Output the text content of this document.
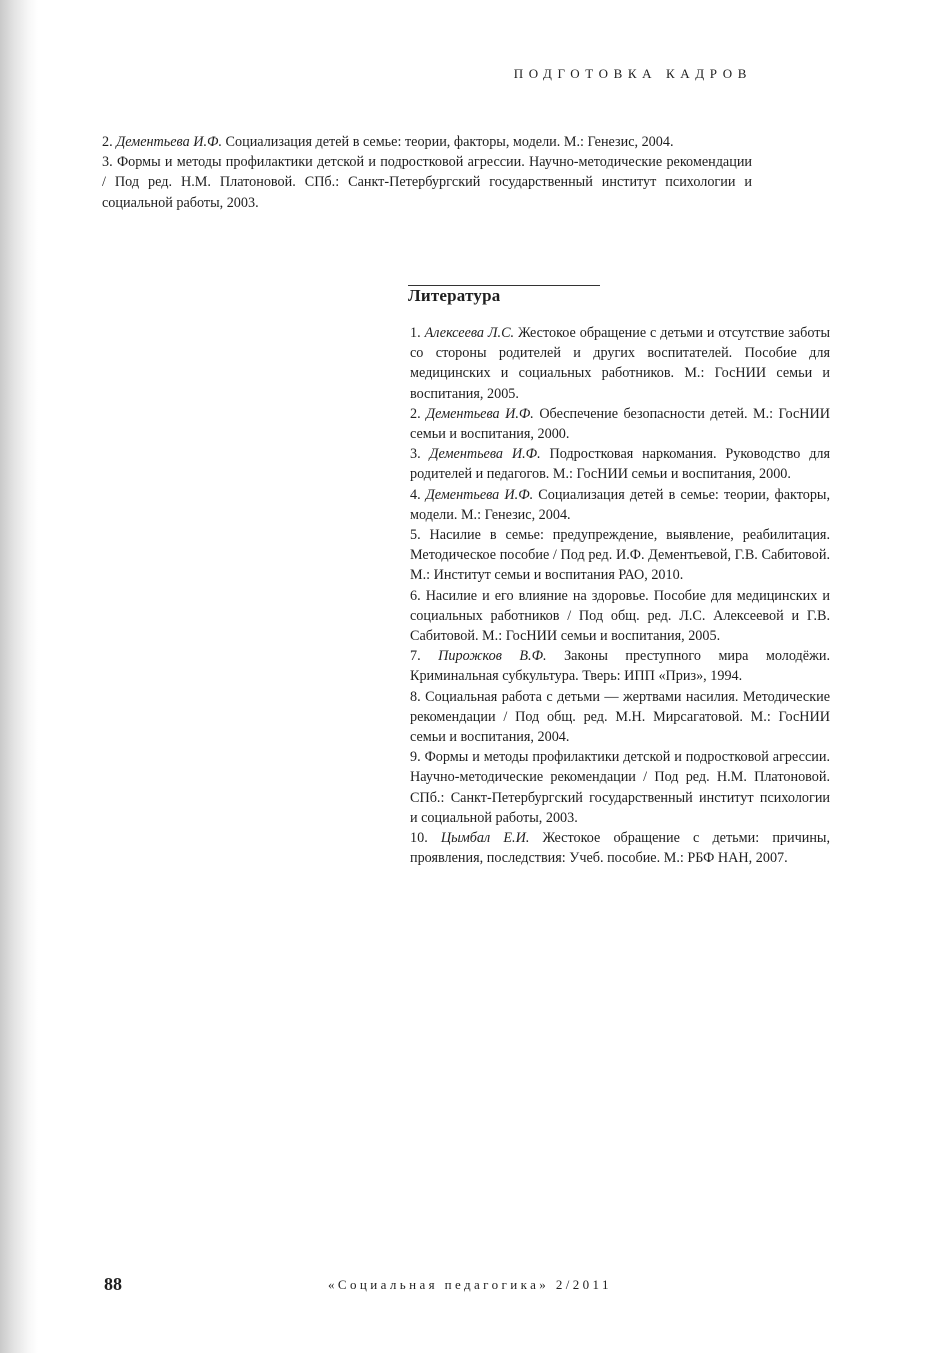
ПОДГОТОВКА КАДРОВ

2. Дементьева И.Ф. Социализация детей в семье: теории, факторы, модели. М.: Генезис, 2004.

3. Формы и методы профилактики детской и подростковой агрессии. Научно-методические рекомендации / Под ред. Н.М. Платоновой. СПб.: Санкт-Петербургский государственный институт психологии и социальной работы, 2003.

Литература

1. Алексеева Л.С. Жестокое обращение с детьми и отсутствие заботы со стороны родителей и других воспитателей. Пособие для медицинских и социальных работников. М.: ГосНИИ семьи и воспитания, 2005.

2. Дементьева И.Ф. Обеспечение безопасности детей. М.: ГосНИИ семьи и воспитания, 2000.

3. Дементьева И.Ф. Подростковая наркомания. Руководство для родителей и педагогов. М.: ГосНИИ семьи и воспитания, 2000.

4. Дементьева И.Ф. Социализация детей в семье: теории, факторы, модели. М.: Генезис, 2004.

5. Насилие в семье: предупреждение, выявление, реабилитация. Методическое пособие / Под ред. И.Ф. Дементьевой, Г.В. Сабитовой. М.: Институт семьи и воспитания РАО, 2010.

6. Насилие и его влияние на здоровье. Пособие для медицинских и социальных работников / Под общ. ред. Л.С. Алексеевой и Г.В. Сабитовой. М.: ГосНИИ семьи и воспитания, 2005.

7. Пирожков В.Ф. Законы преступного мира молодёжи. Криминальная субкультура. Тверь: ИПП «Приз», 1994.

8. Социальная работа с детьми — жертвами насилия. Методические рекомендации / Под общ. ред. М.Н. Мирсагатовой. М.: ГосНИИ семьи и воспитания, 2004.

9. Формы и методы профилактики детской и подростковой агрессии. Научно-методические рекомендации / Под ред. Н.М. Платоновой. СПб.: Санкт-Петербургский государственный институт психологии и социальной работы, 2003.

10. Цымбал Е.И. Жестокое обращение с детьми: причины, проявления, последствия: Учеб. пособие. М.: РБФ НАН, 2007.

88	«Социальная педагогика» 2/2011
